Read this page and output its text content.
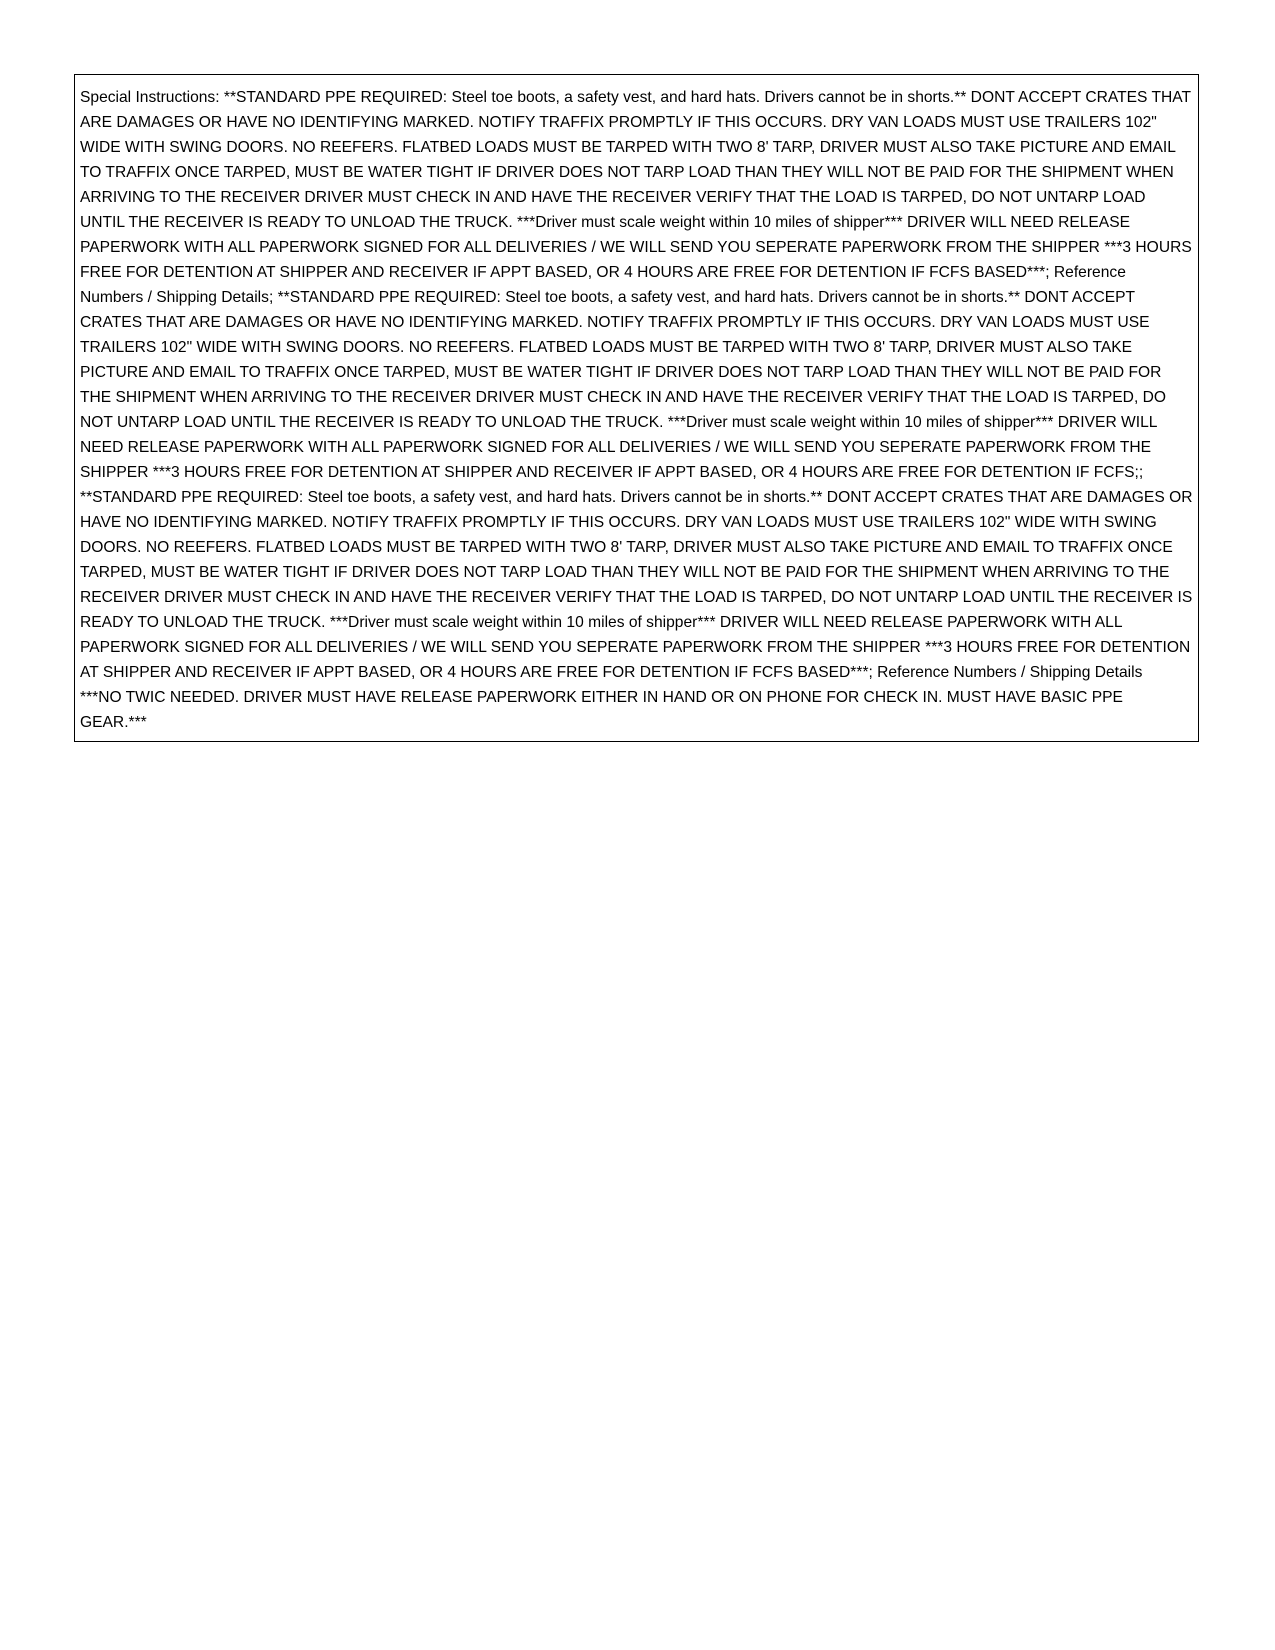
Special Instructions: **STANDARD PPE REQUIRED: Steel toe boots, a safety vest, and hard hats. Drivers cannot be in shorts.** DONT ACCEPT CRATES THAT ARE DAMAGES OR HAVE NO IDENTIFYING MARKED. NOTIFY TRAFFIX PROMPTLY IF THIS OCCURS. DRY VAN LOADS MUST USE TRAILERS 102" WIDE WITH SWING DOORS. NO REEFERS. FLATBED LOADS MUST BE TARPED WITH TWO 8' TARP, DRIVER MUST ALSO TAKE PICTURE AND EMAIL TO TRAFFIX ONCE TARPED, MUST BE WATER TIGHT IF DRIVER DOES NOT TARP LOAD THAN THEY WILL NOT BE PAID FOR THE SHIPMENT WHEN ARRIVING TO THE RECEIVER DRIVER MUST CHECK IN AND HAVE THE RECEIVER VERIFY THAT THE LOAD IS TARPED, DO NOT UNTARP LOAD UNTIL THE RECEIVER IS READY TO UNLOAD THE TRUCK. ***Driver must scale weight within 10 miles of shipper*** DRIVER WILL NEED RELEASE PAPERWORK WITH ALL PAPERWORK SIGNED FOR ALL DELIVERIES / WE WILL SEND YOU SEPERATE PAPERWORK FROM THE SHIPPER ***3 HOURS FREE FOR DETENTION AT SHIPPER AND RECEIVER IF APPT BASED, OR 4 HOURS ARE FREE FOR DETENTION IF FCFS BASED***; Reference Numbers / Shipping Details; **STANDARD PPE REQUIRED: Steel toe boots, a safety vest, and hard hats. Drivers cannot be in shorts.** DONT ACCEPT CRATES THAT ARE DAMAGES OR HAVE NO IDENTIFYING MARKED. NOTIFY TRAFFIX PROMPTLY IF THIS OCCURS. DRY VAN LOADS MUST USE TRAILERS 102" WIDE WITH SWING DOORS. NO REEFERS. FLATBED LOADS MUST BE TARPED WITH TWO 8' TARP, DRIVER MUST ALSO TAKE PICTURE AND EMAIL TO TRAFFIX ONCE TARPED, MUST BE WATER TIGHT IF DRIVER DOES NOT TARP LOAD THAN THEY WILL NOT BE PAID FOR THE SHIPMENT WHEN ARRIVING TO THE RECEIVER DRIVER MUST CHECK IN AND HAVE THE RECEIVER VERIFY THAT THE LOAD IS TARPED, DO NOT UNTARP LOAD UNTIL THE RECEIVER IS READY TO UNLOAD THE TRUCK. ***Driver must scale weight within 10 miles of shipper*** DRIVER WILL NEED RELEASE PAPERWORK WITH ALL PAPERWORK SIGNED FOR ALL DELIVERIES / WE WILL SEND YOU SEPERATE PAPERWORK FROM THE SHIPPER ***3 HOURS FREE FOR DETENTION AT SHIPPER AND RECEIVER IF APPT BASED, OR 4 HOURS ARE FREE FOR DETENTION IF FCFS;; **STANDARD PPE REQUIRED: Steel toe boots, a safety vest, and hard hats. Drivers cannot be in shorts.** DONT ACCEPT CRATES THAT ARE DAMAGES OR HAVE NO IDENTIFYING MARKED. NOTIFY TRAFFIX PROMPTLY IF THIS OCCURS. DRY VAN LOADS MUST USE TRAILERS 102" WIDE WITH SWING DOORS. NO REEFERS. FLATBED LOADS MUST BE TARPED WITH TWO 8' TARP, DRIVER MUST ALSO TAKE PICTURE AND EMAIL TO TRAFFIX ONCE TARPED, MUST BE WATER TIGHT IF DRIVER DOES NOT TARP LOAD THAN THEY WILL NOT BE PAID FOR THE SHIPMENT WHEN ARRIVING TO THE RECEIVER DRIVER MUST CHECK IN AND HAVE THE RECEIVER VERIFY THAT THE LOAD IS TARPED, DO NOT UNTARP LOAD UNTIL THE RECEIVER IS READY TO UNLOAD THE TRUCK. ***Driver must scale weight within 10 miles of shipper*** DRIVER WILL NEED RELEASE PAPERWORK WITH ALL PAPERWORK SIGNED FOR ALL DELIVERIES / WE WILL SEND YOU SEPERATE PAPERWORK FROM THE SHIPPER ***3 HOURS FREE FOR DETENTION AT SHIPPER AND RECEIVER IF APPT BASED, OR 4 HOURS ARE FREE FOR DETENTION IF FCFS BASED***; Reference Numbers / Shipping Details

***NO TWIC NEEDED. DRIVER MUST HAVE RELEASE PAPERWORK EITHER IN HAND OR ON PHONE FOR CHECK IN. MUST HAVE BASIC PPE GEAR.***
